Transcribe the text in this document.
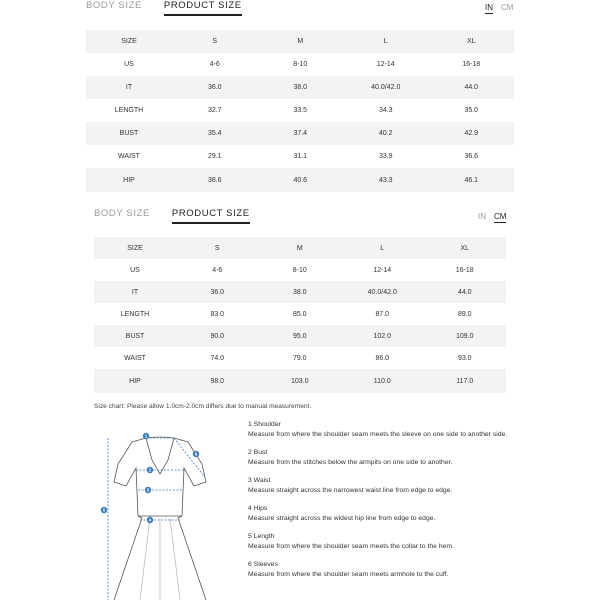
BODY SIZE PRODUCT SIZE	IN CM
SIZE	S	M	L	XL
US	4-6	8-10	12-14	16-18
IT	36.0	38.0	40.0/42.0	44.0
LENGTH	32.7	33.5	34.3	35.0
BUST	35.4	37.4	40.2	42.9
WAIST	29.1	31.1	33.9	36.6
HIP	38.6	40.6	43.3	46.1
BODY SIZE PRODUCT SIZE	IN CM
SIZE	S	M	L	XL
US	4-6	8-10	12-14	16-18
IT	36.0	38.0	40.0/42.0	44.0
LENGTH	83.0	85.0	87.0	89.0
BUST	90.0	95.0	102.0	109.0
WAIST	74.0	79.0	86.0	93.0
HIP	98.0	103.0	110.0	117.0
Size chart: Please allow 1.0cm-2.0cm differs due to manual measurement.
1
2
3
4
5
6
1 Shoulder
Measure from where the shoulder seam meets the sleeve on one side to another side.
2 Bust
Measure from the stitches below the armpits on one side to another.
3 Waist
Measure straight across the narrowest waist line from edge to edge.
4 Hips
Measure straight across the widest hip line from edge to edge.
5 Length
Measure from where the shoulder seam meets the collar to the hem.
6 Sleeves
Measure from where the shoulder seam meets armhole to the cuff.
